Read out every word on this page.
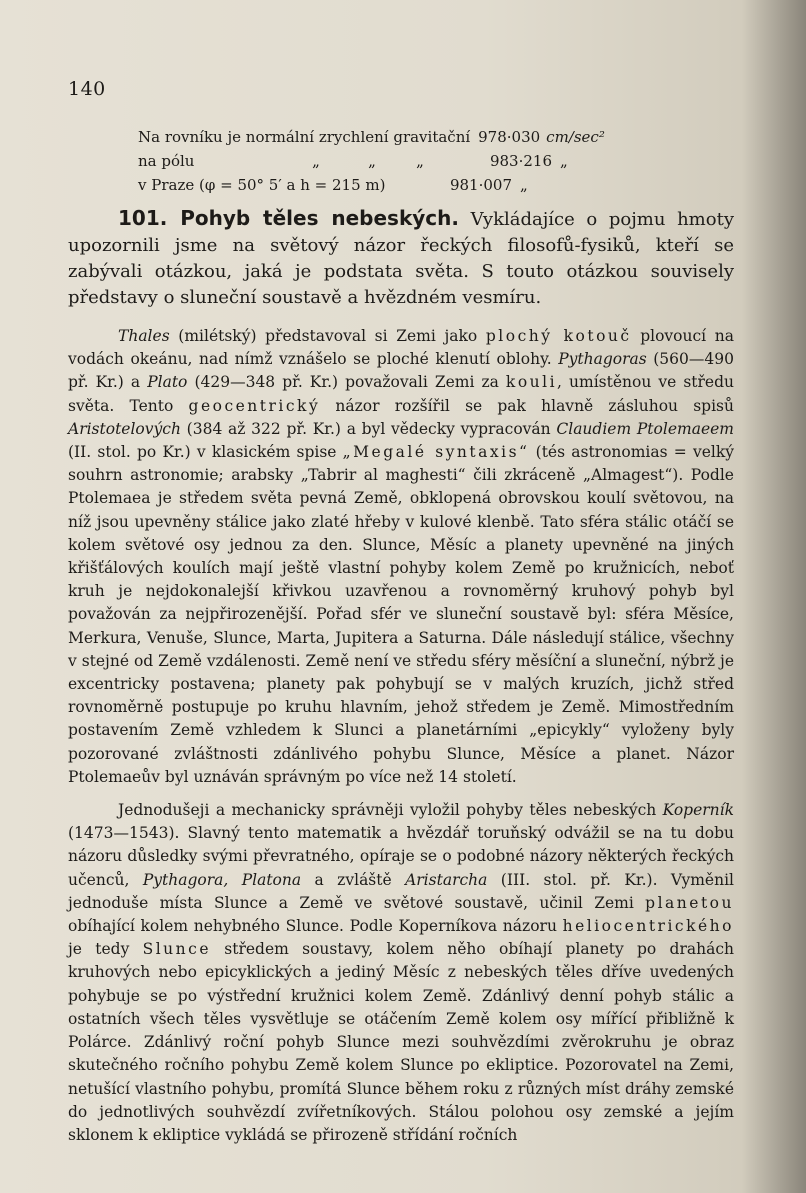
140
Na rovníku je normální zrychlení gravitační 978·030 cm/sec²
na pólu	„	„	„	983·216 „
v Praze (φ = 50° 5′ a h = 215 m)	981·007 „

101. Pohyb těles nebeských. Vykládajíce o pojmu hmoty upozornili jsme na světový názor řeckých filosofů-fysiků, kteří se zabývali otázkou, jaká je podstata světa. S touto otázkou souvisely představy o sluneční soustavě a hvězdném vesmíru.

Thales (milétský) představoval si Zemi jako plochý kotouč plovoucí na vodách okeánu, nad nímž vznášelo se ploché klenutí oblohy. Pythagoras (560—490 př. Kr.) a Plato (429—348 př. Kr.) považovali Zemi za kouli, umístěnou ve středu světa. Tento geocentrický názor rozšířil se pak hlavně zásluhou spisů Aristotelových (384 až 322 př. Kr.) a byl vědecky vypracován Claudiem Ptolemaeem (II. stol. po Kr.) v klasickém spise „Megalé syntaxis“ (tés astronomias = velký souhrn astronomie; arabsky „Tabrir al maghesti“ čili zkráceně „Almagest“). Podle Ptolemaea je středem světa pevná Země, obklopená obrovskou koulí světovou, na níž jsou upevněny stálice jako zlaté hřeby v kulové klenbě. Tato sféra stálic otáčí se kolem světové osy jednou za den. Slunce, Měsíc a planety upevněné na jiných křišťálových koulích mají ještě vlastní pohyby kolem Země po kružnicích, neboť kruh je nejdokonalejší křivkou uzavřenou a rovnoměrný kruhový pohyb byl považován za nejpřirozenější. Pořad sfér ve sluneční soustavě byl: sféra Měsíce, Merkura, Venuše, Slunce, Marta, Jupitera a Saturna. Dále následují stálice, všechny v stejné od Země vzdálenosti. Země není ve středu sféry měsíční a sluneční, nýbrž je excentricky postavena; planety pak pohybují se v malých kruzích, jichž střed rovnoměrně postupuje po kruhu hlavním, jehož středem je Země. Mimostředním postavením Země vzhledem k Slunci a planetárními „epicykly“ vyloženy byly pozorované zvláštnosti zdánlivého pohybu Slunce, Měsíce a planet. Názor Ptolemaeův byl uznáván správným po více než 14 století.

Jednodušeji a mechanicky správněji vyložil pohyby těles nebeských Koperník (1473—1543). Slavný tento matematik a hvězdář toruňský odvážil se na tu dobu názoru důsledky svými převratného, opíraje se o podobné názory některých řeckých učenců, Pythagora, Platona a zvláště Aristarcha (III. stol. př. Kr.). Vyměnil jednoduše místa Slunce a Země ve světové soustavě, učinil Zemi planetou obíhající kolem nehybného Slunce. Podle Koperníkova názoru heliocentrického je tedy Slunce středem soustavy, kolem něho obíhají planety po drahách kruhových nebo epicyklických a jediný Měsíc z nebeských těles dříve uvedených pohybuje se po výstřední kružnici kolem Země. Zdánlivý denní pohyb stálic a ostatních všech těles vysvětluje se otáčením Země kolem osy mířící přibližně k Polárce. Zdánlivý roční pohyb Slunce mezi souhvězdími zvěrokruhu je obraz skutečného ročního pohybu Země kolem Slunce po ekliptice. Pozorovatel na Zemi, netušící vlastního pohybu, promítá Slunce během roku z různých míst dráhy zemské do jednotlivých souhvězdí zvířetníkových. Stálou polohou osy zemské a jejím sklonem k ekliptice vykládá se přirozeně střídání ročních
